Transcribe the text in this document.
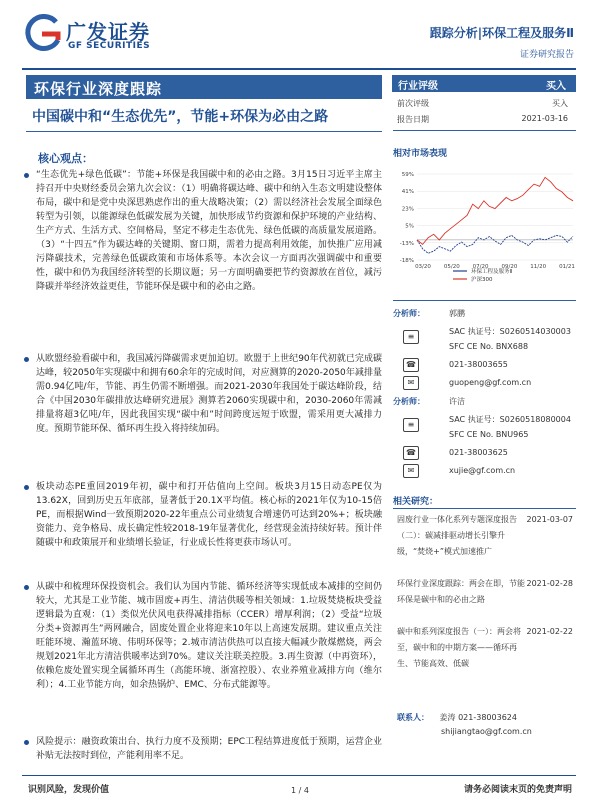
广发证券
GF SECURITIES
跟踪分析|环保工程及服务Ⅱ
证券研究报告
环保行业深度跟踪
中国碳中和“生态优先”，节能+环保为必由之路
核心观点：
“生态优先+绿色低碳”：节能+环保是我国碳中和的必由之路。3月15日习近平主席主持召开中央财经委员会第九次会议：（1）明确将碳达峰、碳中和纳入生态文明建设整体布局，碳中和是党中央深思熟虑作出的重大战略决策；（2）需以经济社会发展全面绿色转型为引领，以能源绿色低碳发展为关键，加快形成节约资源和保护环境的产业结构、生产方式、生活方式、空间格局，坚定不移走生态优先、绿色低碳的高质量发展道路。（3）“十四五”作为碳达峰的关键期、窗口期，需着力提高利用效能，加快推广应用减污降碳技术，完善绿色低碳政策和市场体系等。本次会议一方面再次强调碳中和重要性，碳中和仍为我国经济转型的长期议题；另一方面明确要把节约资源放在首位，减污降碳并举经济效益更佳，节能环保是碳中和的必由之路。
从欧盟经验看碳中和，我国减污降碳需求更加迫切。欧盟于上世纪90年代初就已完成碳达峰，较2050年实现碳中和拥有60余年的完成时间，对应测算的2020-2050年减排量需0.94亿吨/年，节能、再生仍需不断增强。而2021-2030年我国处于碳达峰阶段，结合《中国2030年碳排放达峰研究进展》测算若2060实现碳中和，2030-2060年需减排量将超3亿吨/年，因此我国实现“碳中和”时间跨度远短于欧盟，需采用更大减排力度。预期节能环保、循环再生投入将持续加码。
板块动态PE重回2019年初，碳中和打开估值向上空间。板块3月15日动态PE仅为13.62X，回到历史五年底部，显著低于20.1X平均值。核心标的2021年仅为10-15倍PE，而根据Wind一致预期2020-22年重点公司业绩复合增速仍可达到20%+；板块融资能力、竞争格局、成长确定性较2018-19年显著优化，经营现金流持续好转。预计伴随碳中和政策展开和业绩增长验证，行业成长性将更获市场认可。
从碳中和梳理环保投资机会。我们认为国内节能、循环经济等实现低成本减排的空间仍较大，尤其是工业节能、城市固废+再生、清洁供暖等相关领域：1.垃圾焚烧板块受益逻辑最为直观：（1）类似光伏风电获得减排指标（CCER）增厚利润；（2）受益“垃圾分类+资源再生”两网融合，固废处置企业将迎来10年以上高速发展期。建议重点关注旺能环境、瀚蓝环境、伟明环保等；2.城市清洁供热可以直接大幅减少散煤燃烧，两会规划2021年北方清洁供暖率达到70%。建议关注联美控股。3.再生资源（中再资环），依赖危废处置实现全属循环再生（高能环境、浙富控股）、农业养殖业减排方向（维尔利）；4.工业节能方向，如余热锅炉、EMC、分布式能源等。
风险提示：融资政策出台、执行力度不及预期；EPC工程结算进度低于预期，运营企业补贴无法按时到位，产能利用率不足。
行业评级	买入
前次评级	买入
报告日期	2021-03-16
相对市场表现
59%
41%
23%
5%
-13%
-18%
03/20 05/20 07/20 09/20 11/20 01/21
环保工程及服务Ⅱ
沪深300
分析师：	郭鹏
≡
SAC 执证号：S0260514030003
SFC CE No. BNX688
☎	021-38003655
✉	guopeng@gf.com.cn
分析师：	许洁
≡
SAC 执证号：S0260518080004
SFC CE No. BNU965
☎	021-38003625
✉	xujie@gf.com.cn
相关研究：
固废行业一体化系列专题深度报告（二）：碳减排驱动增长引擎升级，“焚烧+”模式加速推广
2021-03-07
环保行业深度跟踪：两会在即，节能环保是碳中和的必由之路
2021-02-28
碳中和系列深度报告（一）：两会将至，碳中和的中期方案——循环再生、节能高效、低碳
2021-02-22
联系人： 姜涛 021-38003624
shijiangtao@gf.com.cn
识别风险，发现价值	1 / 4	请务必阅读末页的免责声明
